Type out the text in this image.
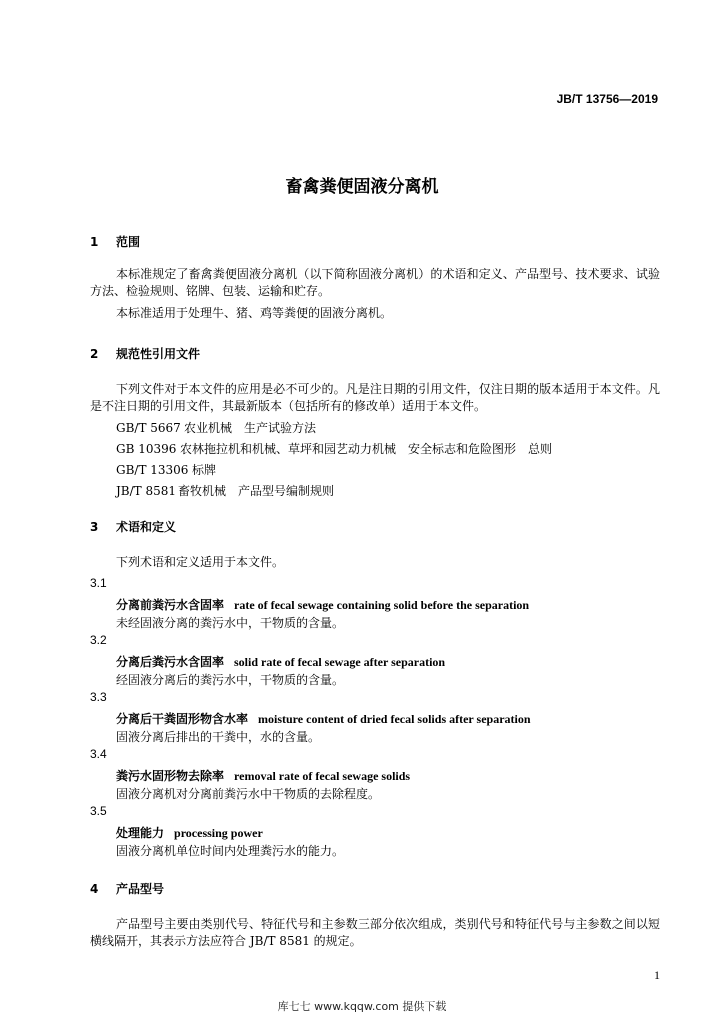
JB/T 13756—2019
畜禽粪便固液分离机
1 范围
本标准规定了畜禽粪便固液分离机（以下简称固液分离机）的术语和定义、产品型号、技术要求、试验方法、检验规则、铭牌、包装、运输和贮存。
本标准适用于处理牛、猪、鸡等粪便的固液分离机。
2 规范性引用文件
下列文件对于本文件的应用是必不可少的。凡是注日期的引用文件，仅注日期的版本适用于本文件。凡是不注日期的引用文件，其最新版本（包括所有的修改单）适用于本文件。
GB/T 5667 农业机械　生产试验方法
GB 10396 农林拖拉机和机械、草坪和园艺动力机械　安全标志和危险图形　总则
GB/T 13306 标牌
JB/T 8581 畜牧机械　产品型号编制规则
3 术语和定义
下列术语和定义适用于本文件。
3.1
分离前粪污水含固率 rate of fecal sewage containing solid before the separation
未经固液分离的粪污水中，干物质的含量。
3.2
分离后粪污水含固率 solid rate of fecal sewage after separation
经固液分离后的粪污水中，干物质的含量。
3.3
分离后干粪固形物含水率 moisture content of dried fecal solids after separation
固液分离后排出的干粪中，水的含量。
3.4
粪污水固形物去除率 removal rate of fecal sewage solids
固液分离机对分离前粪污水中干物质的去除程度。
3.5
处理能力 processing power
固液分离机单位时间内处理粪污水的能力。
4 产品型号
产品型号主要由类别代号、特征代号和主参数三部分依次组成，类别代号和特征代号与主参数之间以短横线隔开，其表示方法应符合 JB/T 8581 的规定。
1
库七七 www.kqqw.com 提供下载
